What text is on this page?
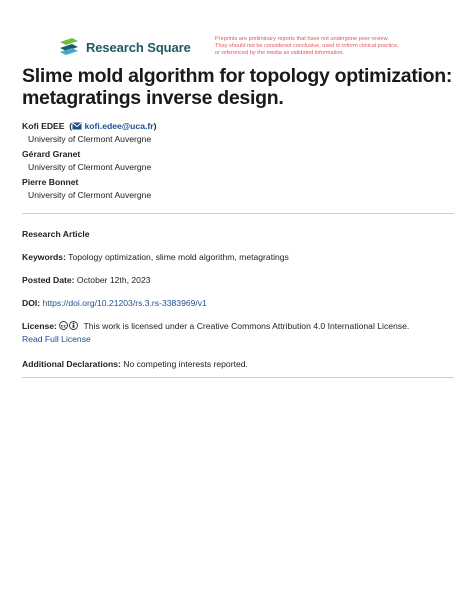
Research Square
Preprints are preliminary reports that have not undergone peer review.
They should not be considered conclusive, used to inform clinical practice,
or referenced by the media as validated information.
Slime mold algorithm for topology optimization:
metagratings inverse design.
Kofi EDEE  ( kofi.edee@uca.fr)
University of Clermont Auvergne
Gérard Granet
University of Clermont Auvergne
Pierre Bonnet
University of Clermont Auvergne
Research Article
Keywords: Topology optimization, slime mold algorithm, metagratings
Posted Date: October 12th, 2023
DOI: https://doi.org/10.21203/rs.3.rs-3383969/v1
License: cc This work is licensed under a Creative Commons Attribution 4.0 International License.
Read Full License
Additional Declarations: No competing interests reported.
